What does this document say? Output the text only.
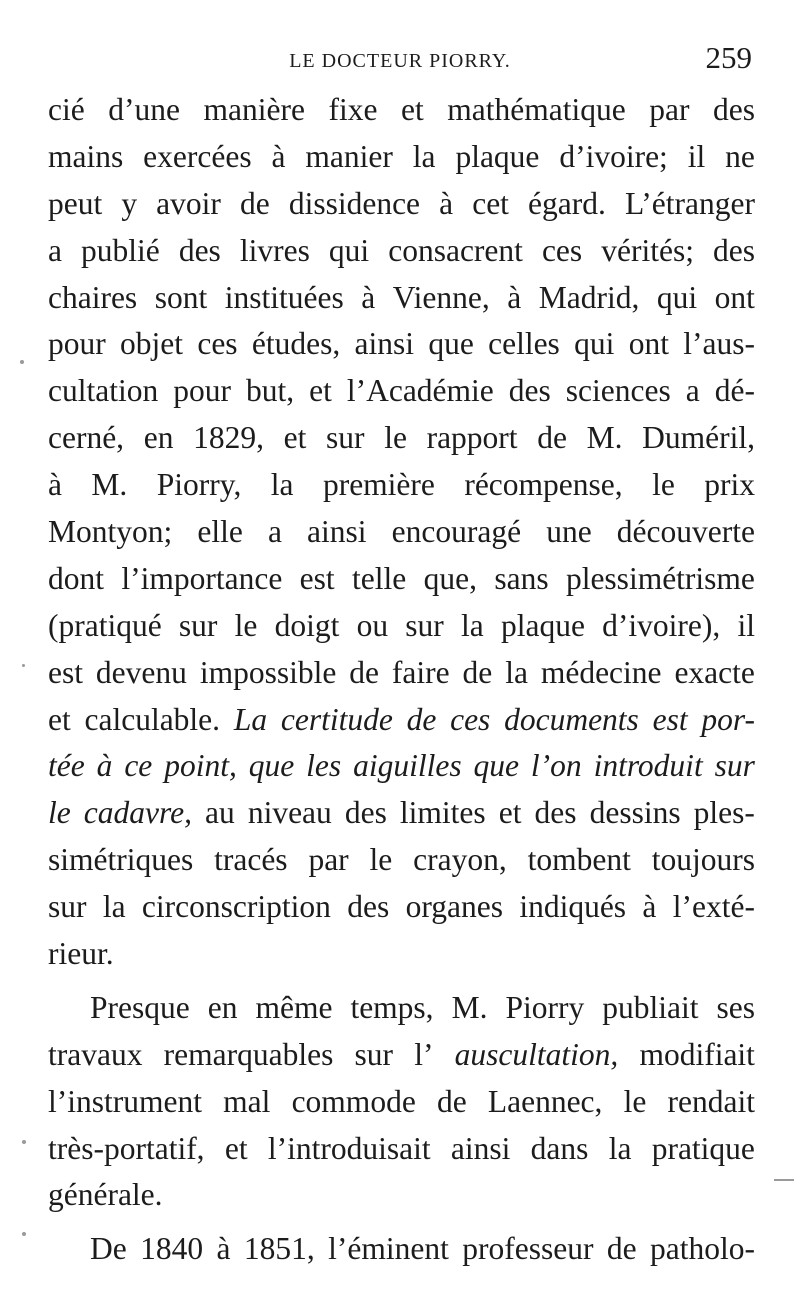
LE DOCTEUR PIORRY.	259
cié d’une manière fixe et mathématique par des
mains exercées à manier la plaque d’ivoire; il ne
peut y avoir de dissidence à cet égard. L’étranger
a publié des livres qui consacrent ces vérités; des
chaires sont instituées à Vienne, à Madrid, qui ont
pour objet ces études, ainsi que celles qui ont l’aus-
cultation pour but, et l’Académie des sciences a dé-
cerné, en 1829, et sur le rapport de M. Duméril,
à M. Piorry, la première récompense, le prix
Montyon; elle a ainsi encouragé une découverte
dont l’importance est telle que, sans plessimétrisme
(pratiqué sur le doigt ou sur la plaque d’ivoire), il
est devenu impossible de faire de la médecine exacte
et calculable. La certitude de ces documents est por-
tée à ce point, que les aiguilles que l’on introduit sur
le cadavre, au niveau des limites et des dessins ples-
simétriques tracés par le crayon, tombent toujours
sur la circonscription des organes indiqués à l’exté-
rieur.
Presque en même temps, M. Piorry publiait ses
travaux remarquables sur l’ auscultation, modifiait
l’instrument mal commode de Laennec, le rendait
très-portatif, et l’introduisait ainsi dans la pratique
générale.
De 1840 à 1851, l’éminent professeur de patholo-
